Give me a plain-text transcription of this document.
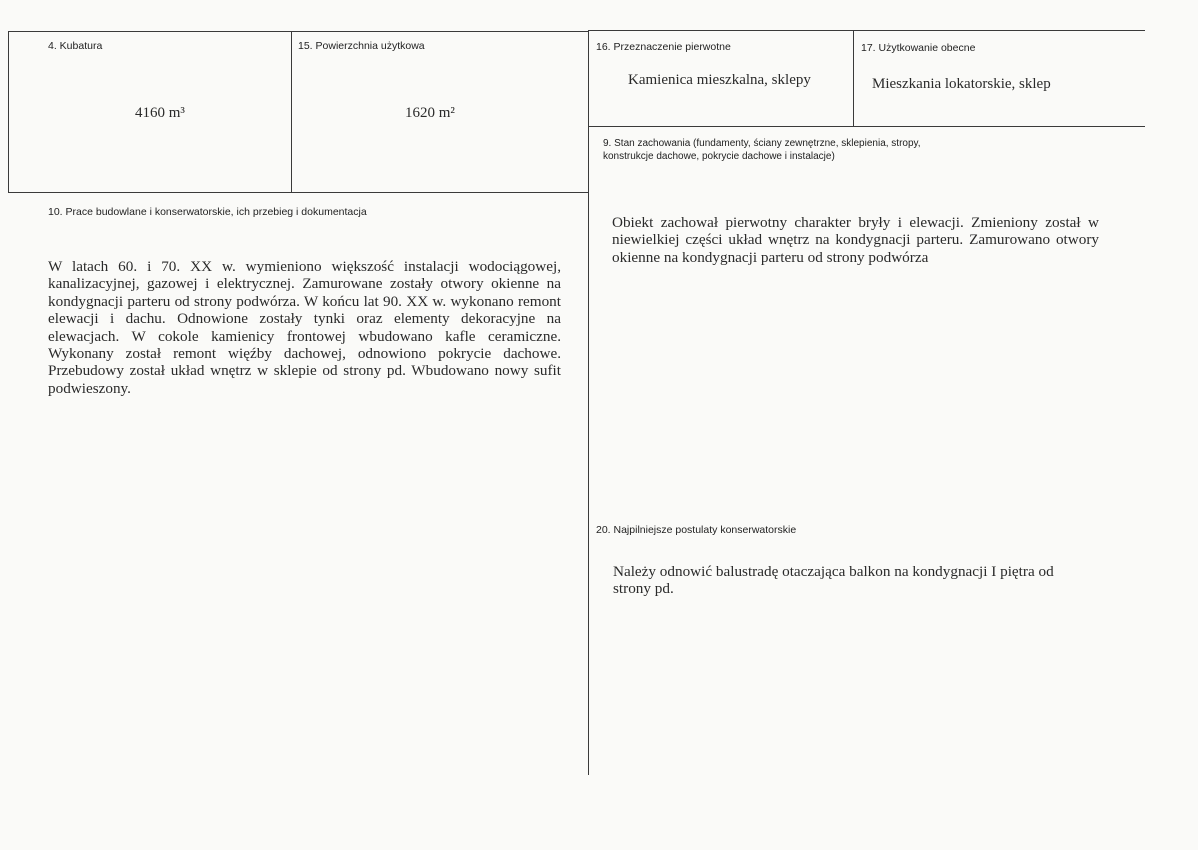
4. Kubatura
4160 m³
15. Powierzchnia użytkowa
1620 m²
16. Przeznaczenie pierwotne
Kamienica mieszkalna, sklepy
17. Użytkowanie obecne
Mieszkania lokatorskie, sklep
9. Stan zachowania (fundamenty, ściany zewnętrzne, sklepienia, stropy, konstrukcje dachowe, pokrycie dachowe i instalacje)
Obiekt zachował pierwotny charakter bryły i elewacji. Zmieniony został w niewielkiej części układ wnętrz na kondygnacji parteru. Zamurowano otwory okienne na kondygnacji parteru od strony podwórza
10. Prace budowlane i konserwatorskie, ich przebieg i dokumentacja
W latach 60. i 70. XX w. wymieniono większość instalacji wodociągowej, kanalizacyjnej, gazowej i elektrycznej. Zamurowane zostały otwory okienne na kondygnacji parteru od strony podwórza. W końcu lat 90. XX w. wykonano remont elewacji i dachu. Odnowione zostały tynki oraz elementy dekoracyjne na elewacjach. W cokole kamienicy frontowej wbudowano kafle ceramiczne. Wykonany został remont więźby dachowej, odnowiono pokrycie dachowe. Przebudowy został układ wnętrz w sklepie od strony pd. Wbudowano nowy sufit podwieszony.
20. Najpilniejsze postulaty konserwatorskie
Należy odnowić balustradę otaczająca balkon na kondygnacji I piętra od strony pd.
